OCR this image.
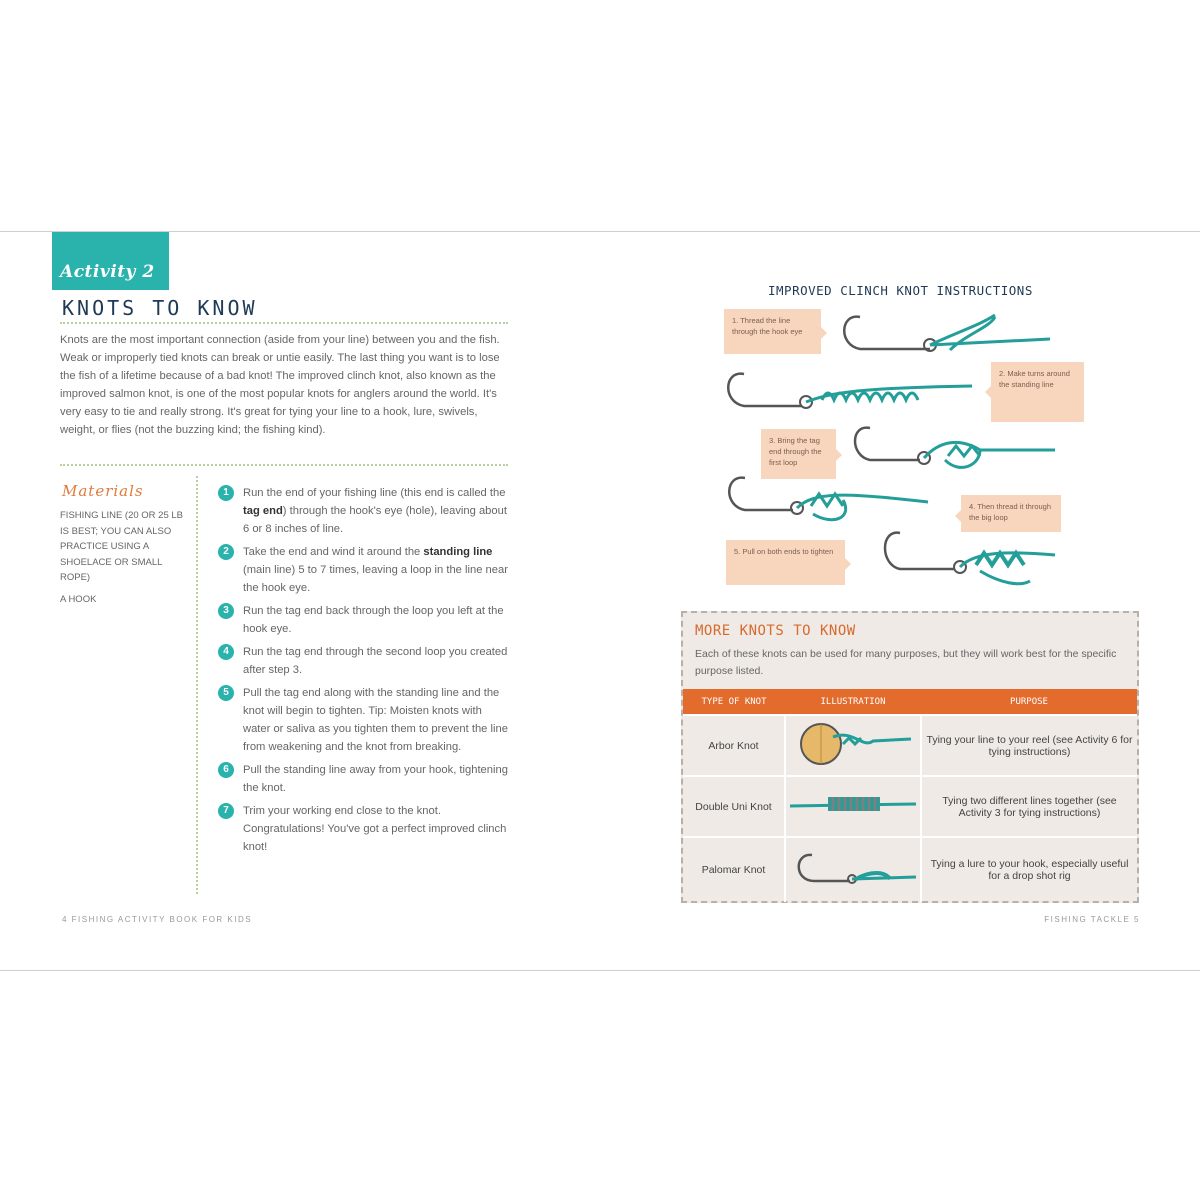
Activity 2
KNOTS TO KNOW
Knots are the most important connection (aside from your line) between you and the fish. Weak or improperly tied knots can break or untie easily. The last thing you want is to lose the fish of a lifetime because of a bad knot! The improved clinch knot, also known as the improved salmon knot, is one of the most popular knots for anglers around the world. It's very easy to tie and really strong. It's great for tying your line to a hook, lure, swivels, weight, or flies (not the buzzing kind; the fishing kind).
Materials

FISHING LINE (20 OR 25 LB IS BEST; YOU CAN ALSO PRACTICE USING A SHOELACE OR SMALL ROPE)

A HOOK

1	Run the end of your fishing line (this end is called the tag end) through the hook's eye (hole), leaving about 6 or 8 inches of line.
2	Take the end and wind it around the standing line (main line) 5 to 7 times, leaving a loop in the line near the hook eye.
3	Run the tag end back through the loop you left at the hook eye.
4	Run the tag end through the second loop you created after step 3.
5	Pull the tag end along with the standing line and the knot will begin to tighten. Tip: Moisten knots with water or saliva as you tighten them to prevent the line from weakening and the knot from breaking.
6	Pull the standing line away from your hook, tightening the knot.
7	Trim your working end close to the knot. Congratulations! You've got a perfect improved clinch knot!
4 FISHING ACTIVITY BOOK FOR KIDS
IMPROVED CLINCH KNOT INSTRUCTIONS
1. Thread the line through the hook eye
2. Make turns around the standing line
3. Bring the tag end through the first loop
4. Then thread it through the big loop
5. Pull on both ends to tighten
MORE KNOTS TO KNOW
Each of these knots can be used for many purposes, but they will work best for the specific purpose listed.
TYPE OF KNOT	ILLUSTRATION	PURPOSE
Arbor Knot		Tying your line to your reel (see Activity 6 for tying instructions)
Double Uni Knot		Tying two different lines together (see Activity 3 for tying instructions)
Palomar Knot		Tying a lure to your hook, especially useful for a drop shot rig
FISHING TACKLE 5
